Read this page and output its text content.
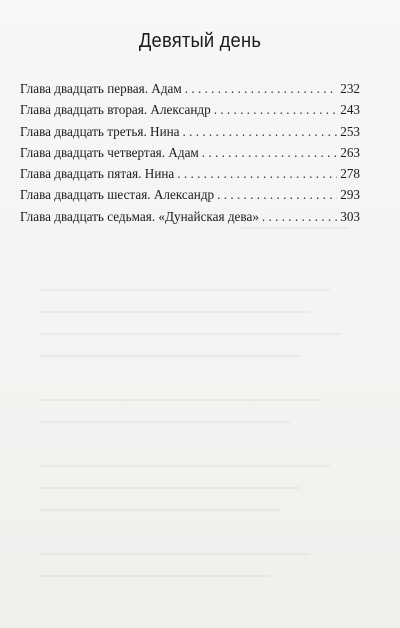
Девятый день
Глава двадцать первая. Адам . . .	232
Глава двадцать вторая. Александр . . .	243
Глава двадцать третья. Нина . . .	253
Глава двадцать четвертая. Адам . . .	263
Глава двадцать пятая. Нина . . .	278
Глава двадцать шестая. Александр . . .	293
Глава двадцать седьмая. «Дунайская дева» . . .	303
